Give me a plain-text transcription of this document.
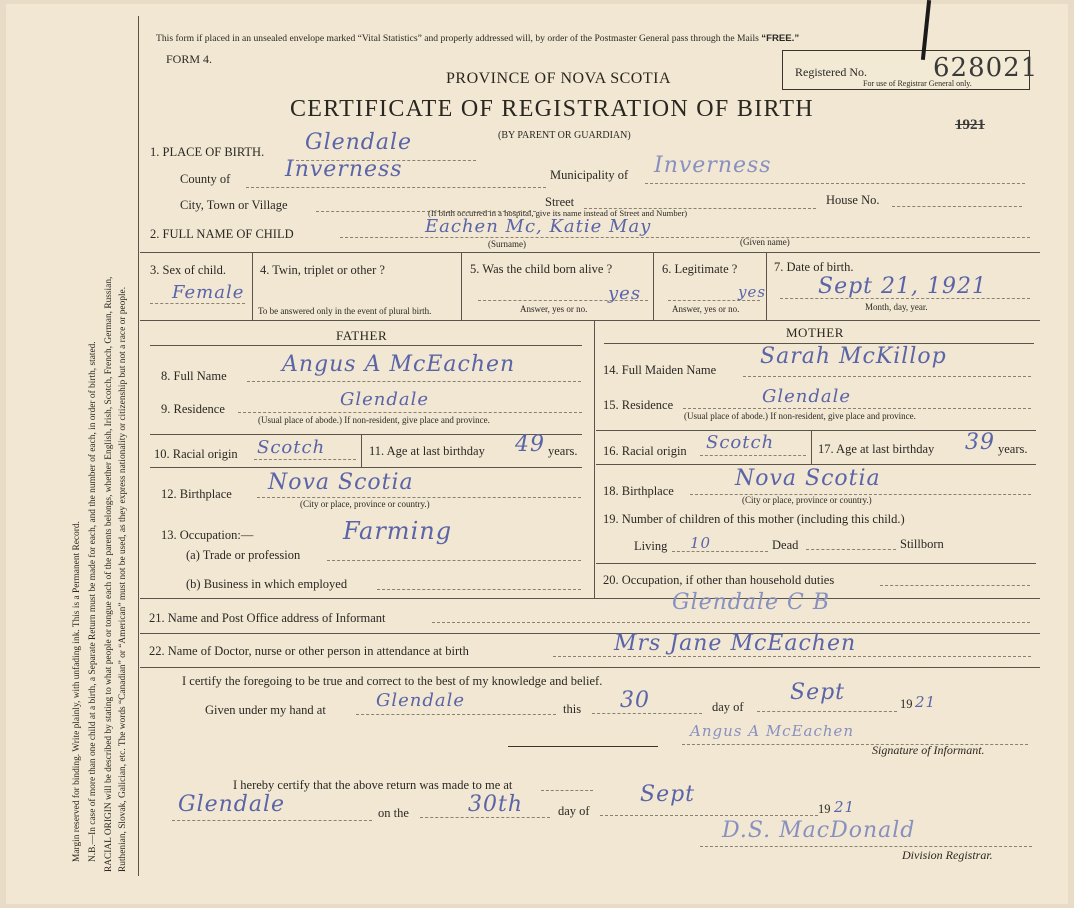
Margin reserved for binding. Write plainly, with unfading ink. This is a Permanent Record. N.B.—In case of more than one child at a birth, a Separate Return must be made for each, and the number of each, in order of birth, stated. RACIAL ORIGIN will be described by stating to what people or tongue each of the parents belongs, whether English, Irish, Scotch, French, German, Russian, Ruthenian, Slovak, Galician, etc. The words “Canadian” or “American” must not be used, as they express nationality or citizenship but not a race or people.
This form if placed in an unsealed envelope marked “Vital Statistics” and properly addressed will, by order of the Postmaster General pass through the Mails “FREE.”
FORM 4.
Registered No.
For use of Registrar General only.
628021
1921
PROVINCE OF NOVA SCOTIA
CERTIFICATE OF REGISTRATION OF BIRTH
(BY PARENT OR GUARDIAN)
1. PLACE OF BIRTH. Glendale
County of Inverness	Municipality of Inverness
City, Town or Village	Street	House No.
(If birth occurred in a hospital, give its name instead of Street and Number)
2. FULL NAME OF CHILD	Eachen Mc, Katie May
(Surname)	(Given name)
3. Sex of child.
Female
4. Twin, triplet or other ?
To be answered only in the event of plural birth.
5. Was the child born alive ?
yes
Answer, yes or no.
6. Legitimate ?
yes
Answer, yes or no.
7. Date of birth.
Sept 21, 1921
Month, day, year.
FATHER	MOTHER
8. Full Name	Angus A McEachen
9. Residence	Glendale
(Usual place of abode.) If non-resident, give place and province.
10. Racial origin Scotch	11. Age at last birthday 49 years.
12. Birthplace Nova Scotia
(City or place, province or country.)
13. Occupation:—	Farming
(a) Trade or profession
(b) Business in which employed
14. Full Maiden Name
Sarah McKillop
15. Residence	Glendale
(Usual place of abode.) If non-resident, give place and province.
16. Racial origin Scotch	17. Age at last birthday 39 years.
18. Birthplace	Nova Scotia
(City or place, province or country.)
19. Number of children of this mother (including this child.)
Living 10	Dead	Stillborn
20. Occupation, if other than household duties
21. Name and Post Office address of Informant
Glendale C B
22. Name of Doctor, nurse or other person in attendance at birth	Mrs Jane McEachen
I certify the foregoing to be true and correct to the best of my knowledge and belief.
Given under my hand at	Glendale	this 30	day of
Sept	19 21
Angus A McEachen
Signature of Informant.
I hereby certify that the above return was made to me at
Glendale	on the	30th	day of
Sept
19 21
D.S. MacDonald
Division Registrar.
